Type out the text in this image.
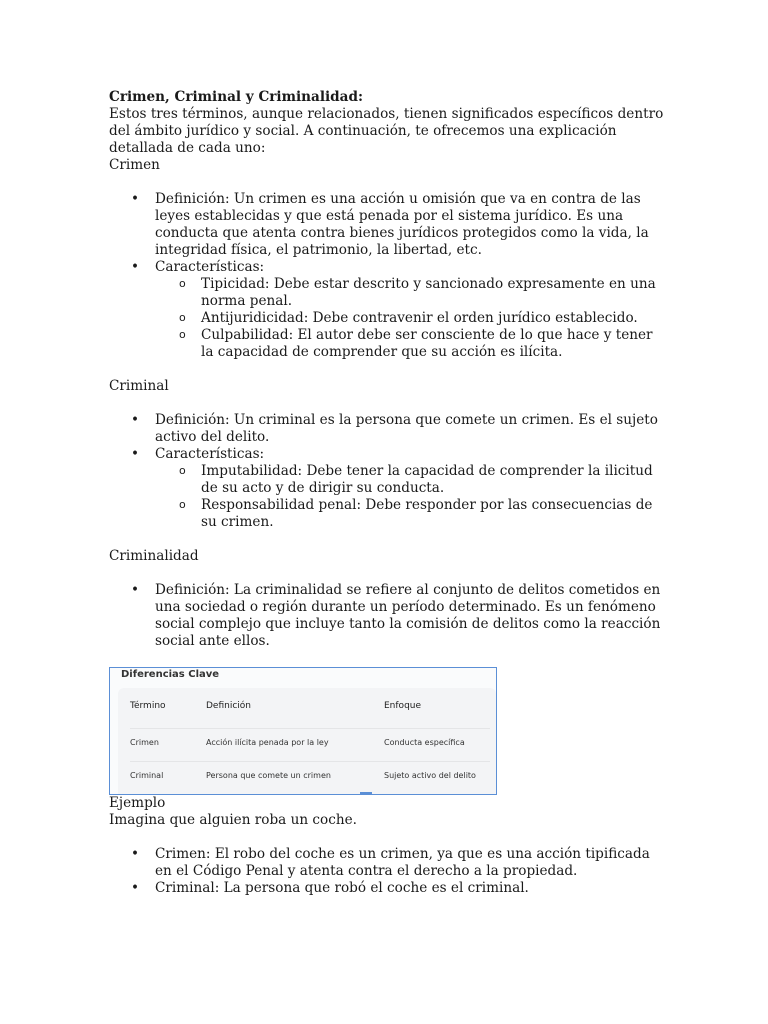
Crimen, Criminal y Criminalidad:

Estos tres términos, aunque relacionados, tienen significados específicos dentro del ámbito jurídico y social. A continuación, te ofrecemos una explicación detallada de cada uno:

Crimen

• Definición: Un crimen es una acción u omisión que va en contra de las leyes establecidas y que está penada por el sistema jurídico. Es una conducta que atenta contra bienes jurídicos protegidos como la vida, la integridad física, el patrimonio, la libertad, etc.
• Características:
o Tipicidad: Debe estar descrito y sancionado expresamente en una norma penal.
o Antijuridicidad: Debe contravenir el orden jurídico establecido.
o Culpabilidad: El autor debe ser consciente de lo que hace y tener la capacidad de comprender que su acción es ilícita.

Criminal

• Definición: Un criminal es la persona que comete un crimen. Es el sujeto activo del delito.
• Características:
o Imputabilidad: Debe tener la capacidad de comprender la ilicitud de su acto y de dirigir su conducta.
o Responsabilidad penal: Debe responder por las consecuencias de su crimen.

Criminalidad

• Definición: La criminalidad se refiere al conjunto de delitos cometidos en una sociedad o región durante un período determinado. Es un fenómeno social complejo que incluye tanto la comisión de delitos como la reacción social ante ellos.
Diferencias Clave
Término	Definición	Enfoque
Crimen	Acción ilícita penada por la ley	Conducta específica
Criminal	Persona que comete un crimen	Sujeto activo del delito

Ejemplo

Imagina que alguien roba un coche.

• Crimen: El robo del coche es un crimen, ya que es una acción tipificada en el Código Penal y atenta contra el derecho a la propiedad.
• Criminal: La persona que robó el coche es el criminal.
